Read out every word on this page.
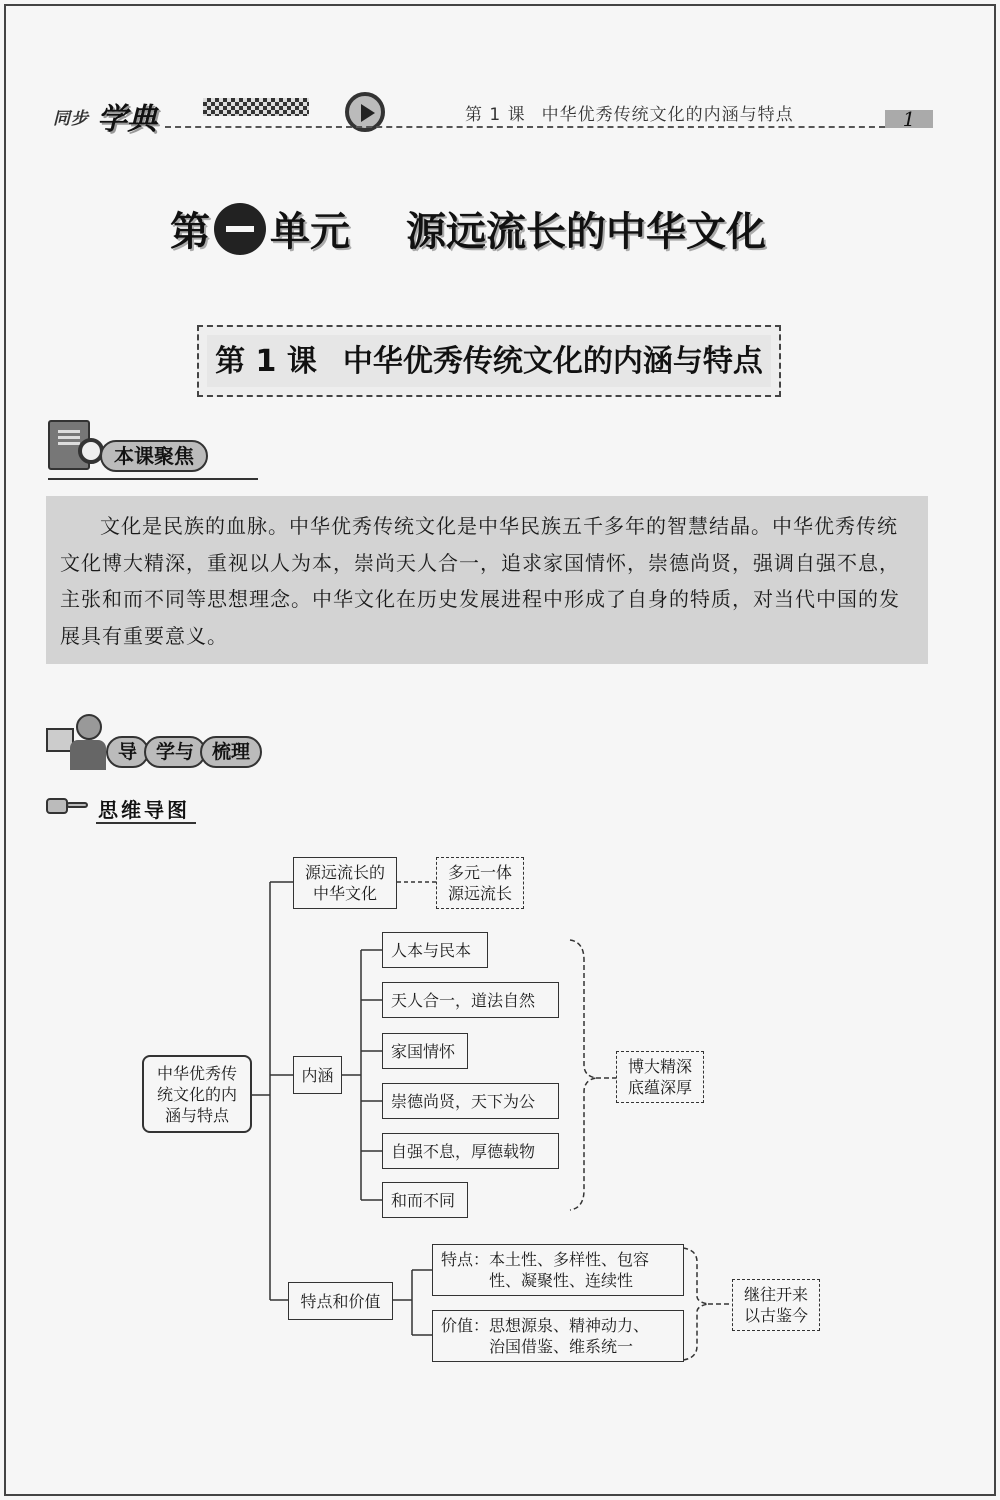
同步 学典	第 1 课 中华优秀传统文化的内涵与特点	1
第 单元 源远流长的中华文化
第 1 课 中华优秀传统文化的内涵与特点
本课聚焦

文化是民族的血脉。中华优秀传统文化是中华民族五千多年的智慧结晶。中华优秀传统文化博大精深，重视以人为本，崇尚天人合一，追求家国情怀，崇德尚贤，强调自强不息，主张和而不同等思想理念。中华文化在历史发展进程中形成了自身的特质，对当代中国的发展具有重要意义。

导 学与 梳理
思维导图
中华优秀传
统文化的内
涵与特点
源远流长的
中华文化
多元一体
源远流长
内涵
人本与民本
天人合一，道法自然
家国情怀
崇德尚贤，天下为公
自强不息，厚德载物
和而不同
博大精深
底蕴深厚
特点和价值
特点：本土性、多样性、包容
　　　性、凝聚性、连续性
价值：思想源泉、精神动力、
　　　治国借鉴、维系统一
继往开来
以古鉴今
